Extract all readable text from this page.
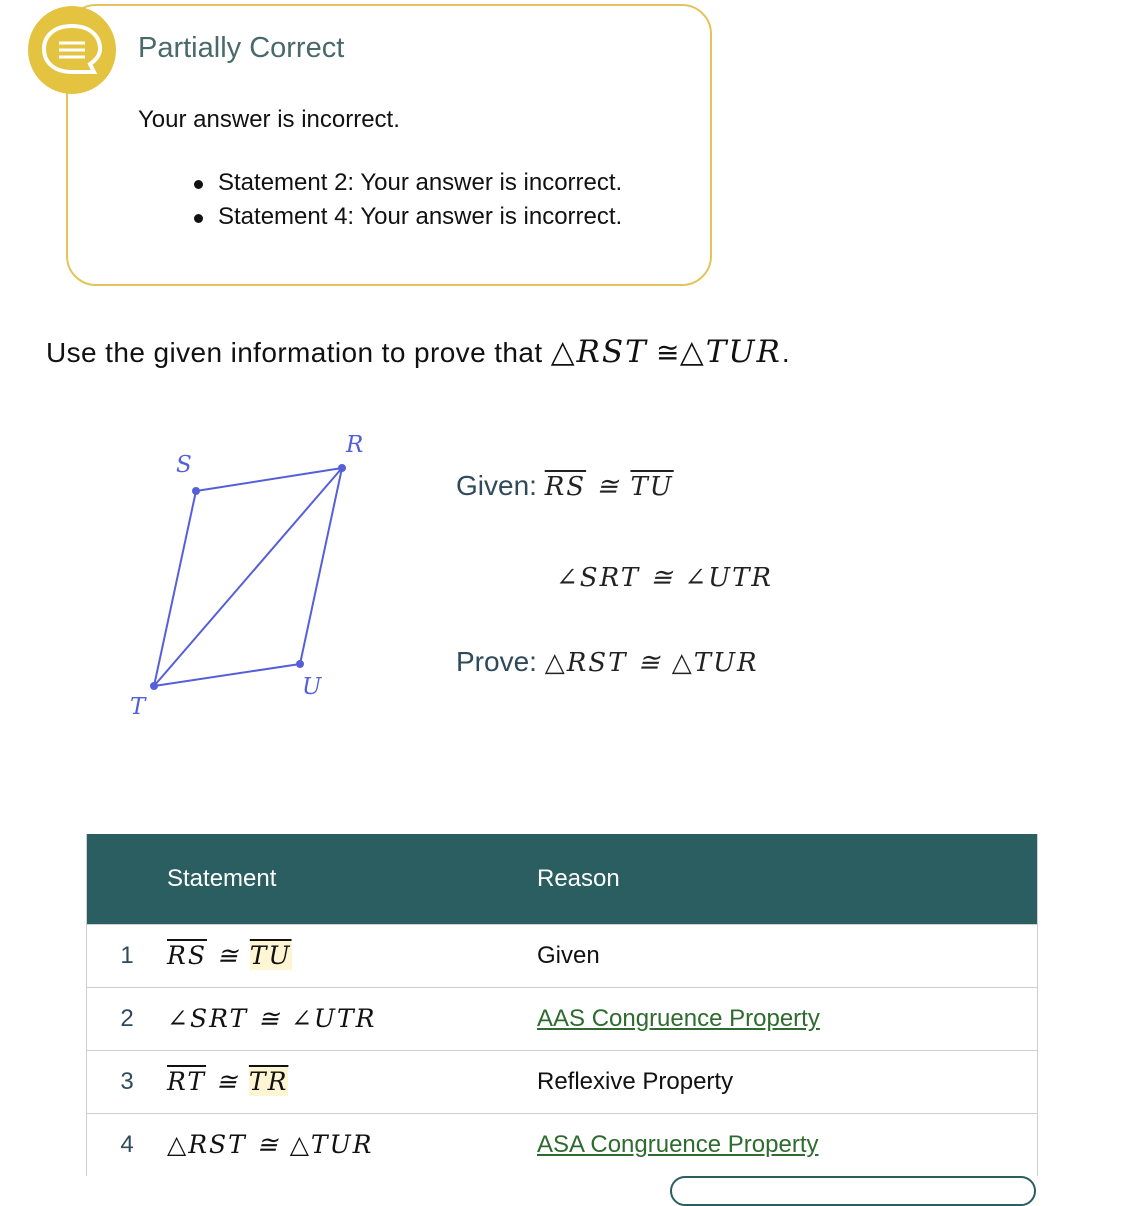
Partially Correct
Your answer is incorrect.
Statement 2: Your answer is incorrect.
Statement 4: Your answer is incorrect.
Use the given information to prove that △RST ≅△TUR.
S
R
T
U
Given: $\overline{RS}$ ≅ $\overline{TU}$
∠SRT ≅ ∠UTR
Prove: △RST ≅ △TUR
	Statement	Reason
1	$\overline{RS}$ ≅ $\overline{TU}$	Given
2	∠SRT ≅ ∠UTR	AAS Congruence Property
3	$\overline{RT}$ ≅ $\overline{TR}$	Reflexive Property
4	△RST ≅ △TUR	ASA Congruence Property
